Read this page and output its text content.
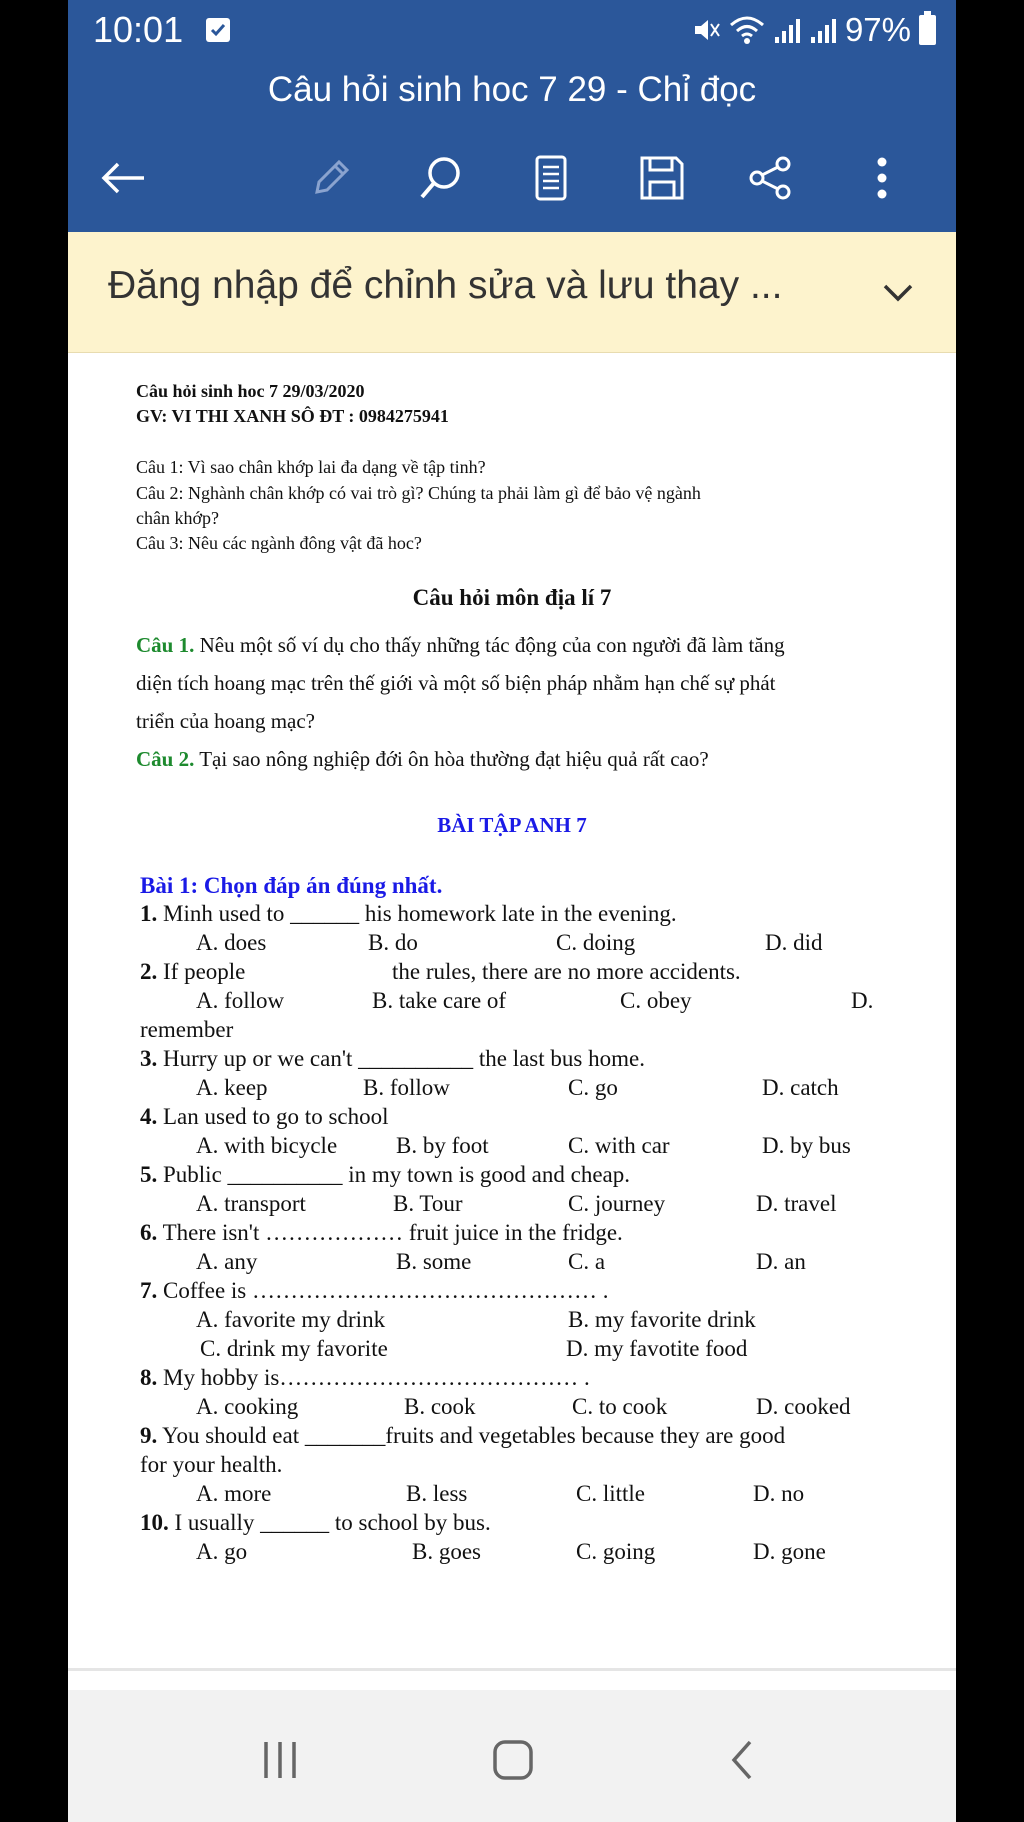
10:01	97%
Câu hỏi sinh hoc 7 29 - Chỉ đọc
Đăng nhập để chỉnh sửa và lưu thay ...
Câu hỏi sinh hoc 7 29/03/2020
GV: VI THI XANH SÔ ĐT : 0984275941
Câu 1: Vì sao chân khớp lai đa dạng về tập tinh?
Câu 2: Nghành chân khớp có vai trò gì? Chúng ta phải làm gì để bảo vệ ngành
chân khớp?
Câu 3: Nêu các ngành đông vật đã hoc?
Câu hỏi môn địa lí 7
Câu 1. Nêu một số ví dụ cho thấy những tác động của con người đã làm tăng
diện tích hoang mạc trên thế giới và một số biện pháp nhằm hạn chế sự phát
triển của hoang mạc?
Câu 2. Tại sao nông nghiệp đới ôn hòa thường đạt hiệu quả rất cao?
BÀI TẬP ANH 7
Bài 1: Chọn đáp án đúng nhất.
1. Minh used to ______ his homework late in the evening.
A. does	B. do	C. doing	D. did
2. If people	the rules, there are no more accidents.
A. follow	B. take care of	C. obey	D.
remember
3. Hurry up or we can't __________ the last bus home.
A. keep	B. follow	C. go	D. catch
4. Lan used to go to school
A. with bicycle	B. by foot	C. with car	D. by bus
5. Public __________ in my town is good and cheap.
A. transport	B. Tour	C. journey	D. travel
6. There isn't ……………… fruit juice in the fridge.
A. any	B. some	C. a	D. an
7. Coffee is ……………………………………… .
A. favorite my drink	B. my favorite drink
C. drink my favorite	D. my favotite food
8. My hobby is………………………………… .
A. cooking	B. cook	C. to cook	D. cooked
9. You should eat _______fruits and vegetables because they are good
for your health.
A. more	B. less	C. little	D. no
10. I usually ______ to school by bus.
A. go	B. goes	C. going	D. gone
